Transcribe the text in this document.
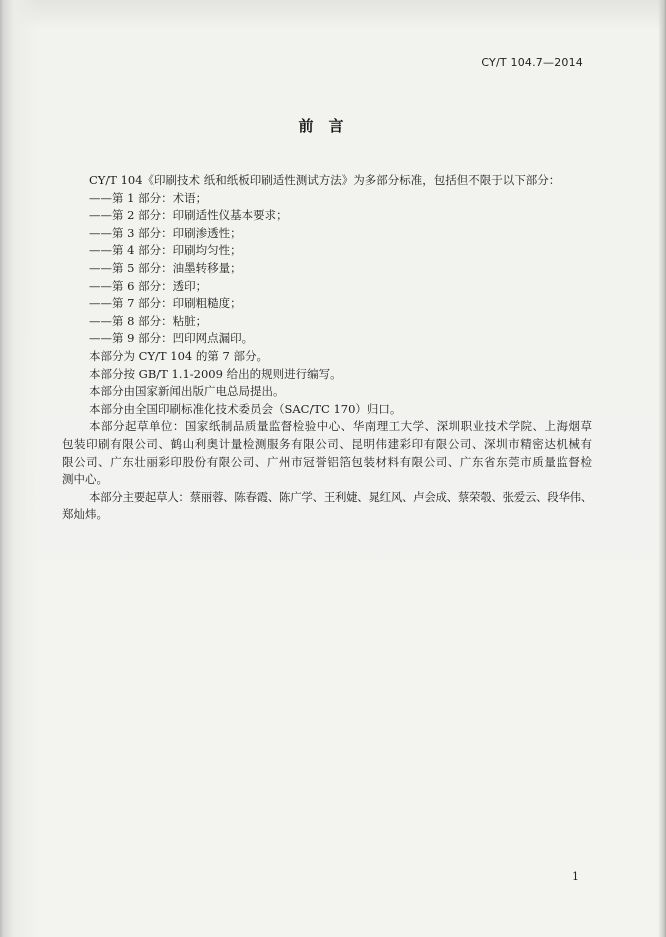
CY/T 104.7—2014
前　言
CY/T 104《印刷技术 纸和纸板印刷适性测试方法》为多部分标准，包括但不限于以下部分：
——第 1 部分：术语；
——第 2 部分：印刷适性仪基本要求；
——第 3 部分：印刷渗透性；
——第 4 部分：印刷均匀性；
——第 5 部分：油墨转移量；
——第 6 部分：透印；
——第 7 部分：印刷粗糙度；
——第 8 部分：粘脏；
——第 9 部分：凹印网点漏印。
本部分为 CY/T 104 的第 7 部分。
本部分按 GB/T 1.1-2009 给出的规则进行编写。
本部分由国家新闻出版广电总局提出。
本部分由全国印刷标准化技术委员会（SAC/TC 170）归口。
本部分起草单位：国家纸制品质量监督检验中心、华南理工大学、深圳职业技术学院、上海烟草
包装印刷有限公司、鹤山利奥计量检测服务有限公司、昆明伟建彩印有限公司、深圳市精密达机械有
限公司、广东壮丽彩印股份有限公司、广州市冠誉铝箔包装材料有限公司、广东省东莞市质量监督检
测中心。
本部分主要起草人：蔡丽蓉、陈春霞、陈广学、王利婕、晁红风、卢会成、蔡荣彀、张爱云、段华伟、
郑灿炜。
1
